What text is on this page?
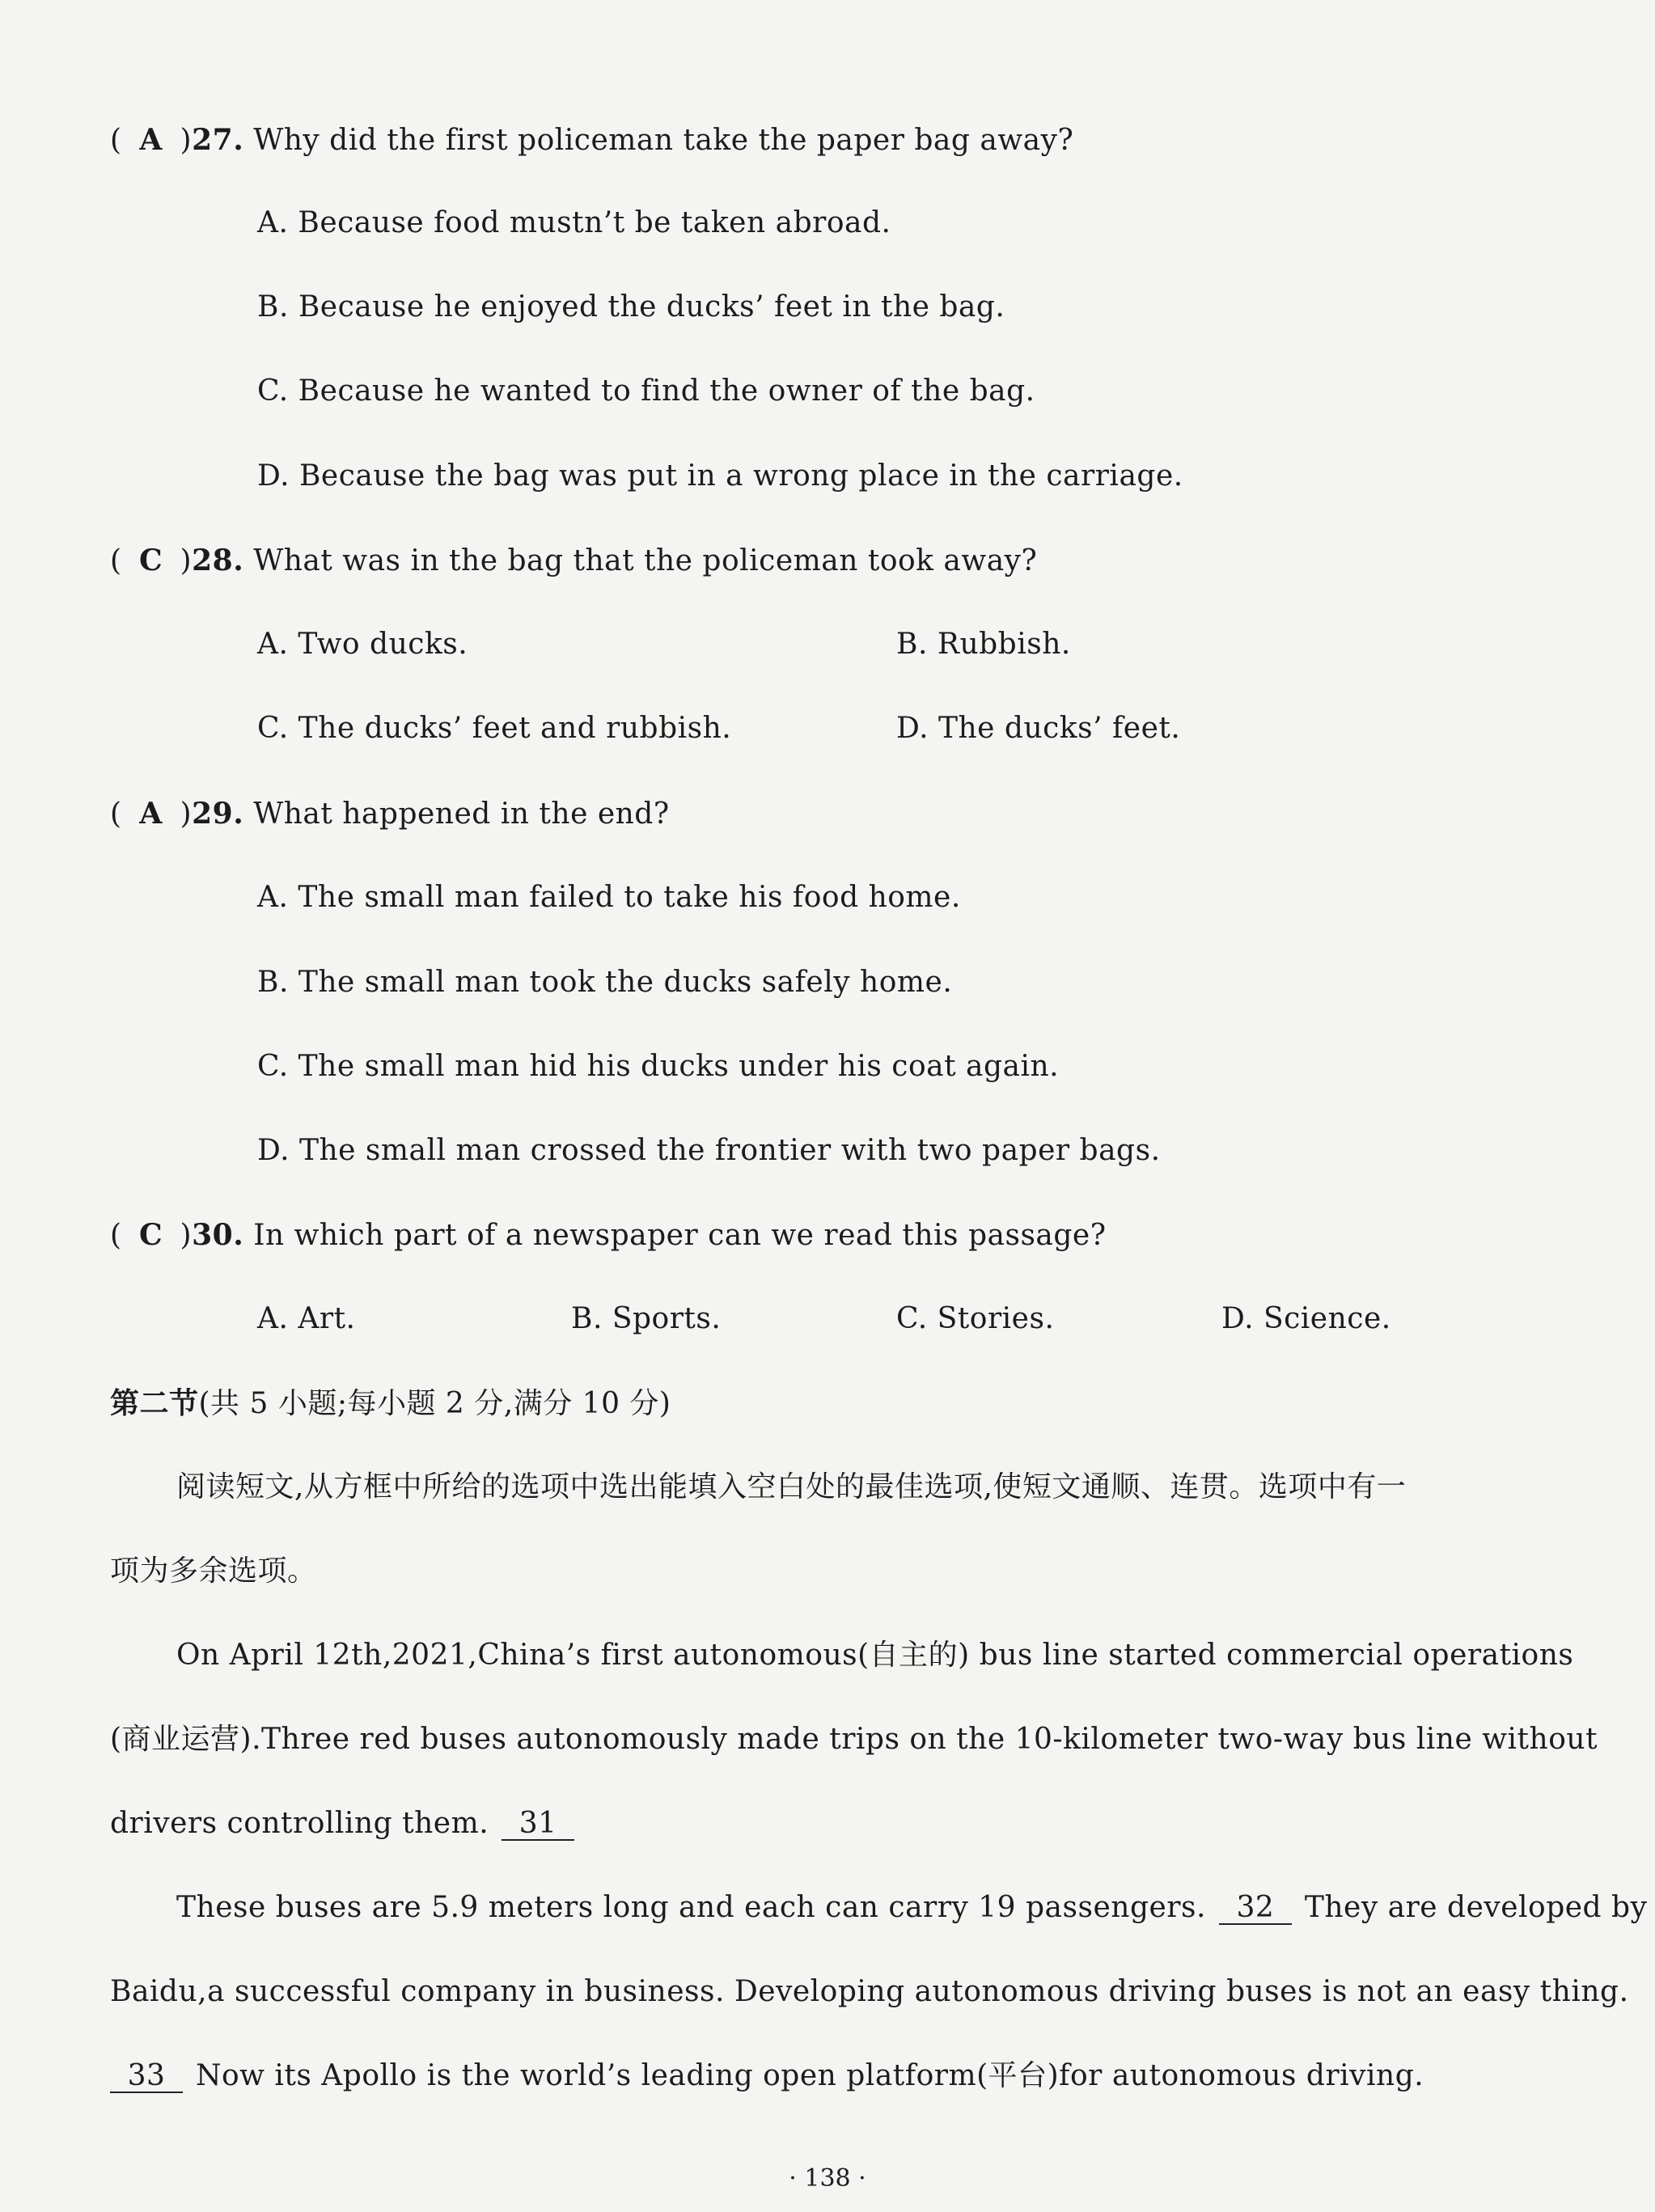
( A )27. Why did the first policeman take the paper bag away?
A. Because food mustn’t be taken abroad.
B. Because he enjoyed the ducks’ feet in the bag.
C. Because he wanted to find the owner of the bag.
D. Because the bag was put in a wrong place in the carriage.
( C )28. What was in the bag that the policeman took away?
A. Two ducks.	B. Rubbish.
C. The ducks’ feet and rubbish.	D. The ducks’ feet.
( A )29. What happened in the end?
A. The small man failed to take his food home.
B. The small man took the ducks safely home.
C. The small man hid his ducks under his coat again.
D. The small man crossed the frontier with two paper bags.
( C )30. In which part of a newspaper can we read this passage?
A. Art.	B. Sports.	C. Stories.	D. Science.
第二节(共 5 小题;每小题 2 分,满分 10 分)
阅读短文,从方框中所给的选项中选出能填入空白处的最佳选项,使短文通顺、连贯。选项中有一
项为多余选项。
On April 12th,2021,China’s first autonomous(自主的) bus line started commercial operations
(商业运营).Three red buses autonomously made trips on the 10-kilometer two-way bus line without
drivers controlling them. 31
These buses are 5.9 meters long and each can carry 19 passengers. 32 They are developed by
Baidu,a successful company in business. Developing autonomous driving buses is not an easy thing.
33 Now its Apollo is the world’s leading open platform(平台)for autonomous driving.
· 138 ·
